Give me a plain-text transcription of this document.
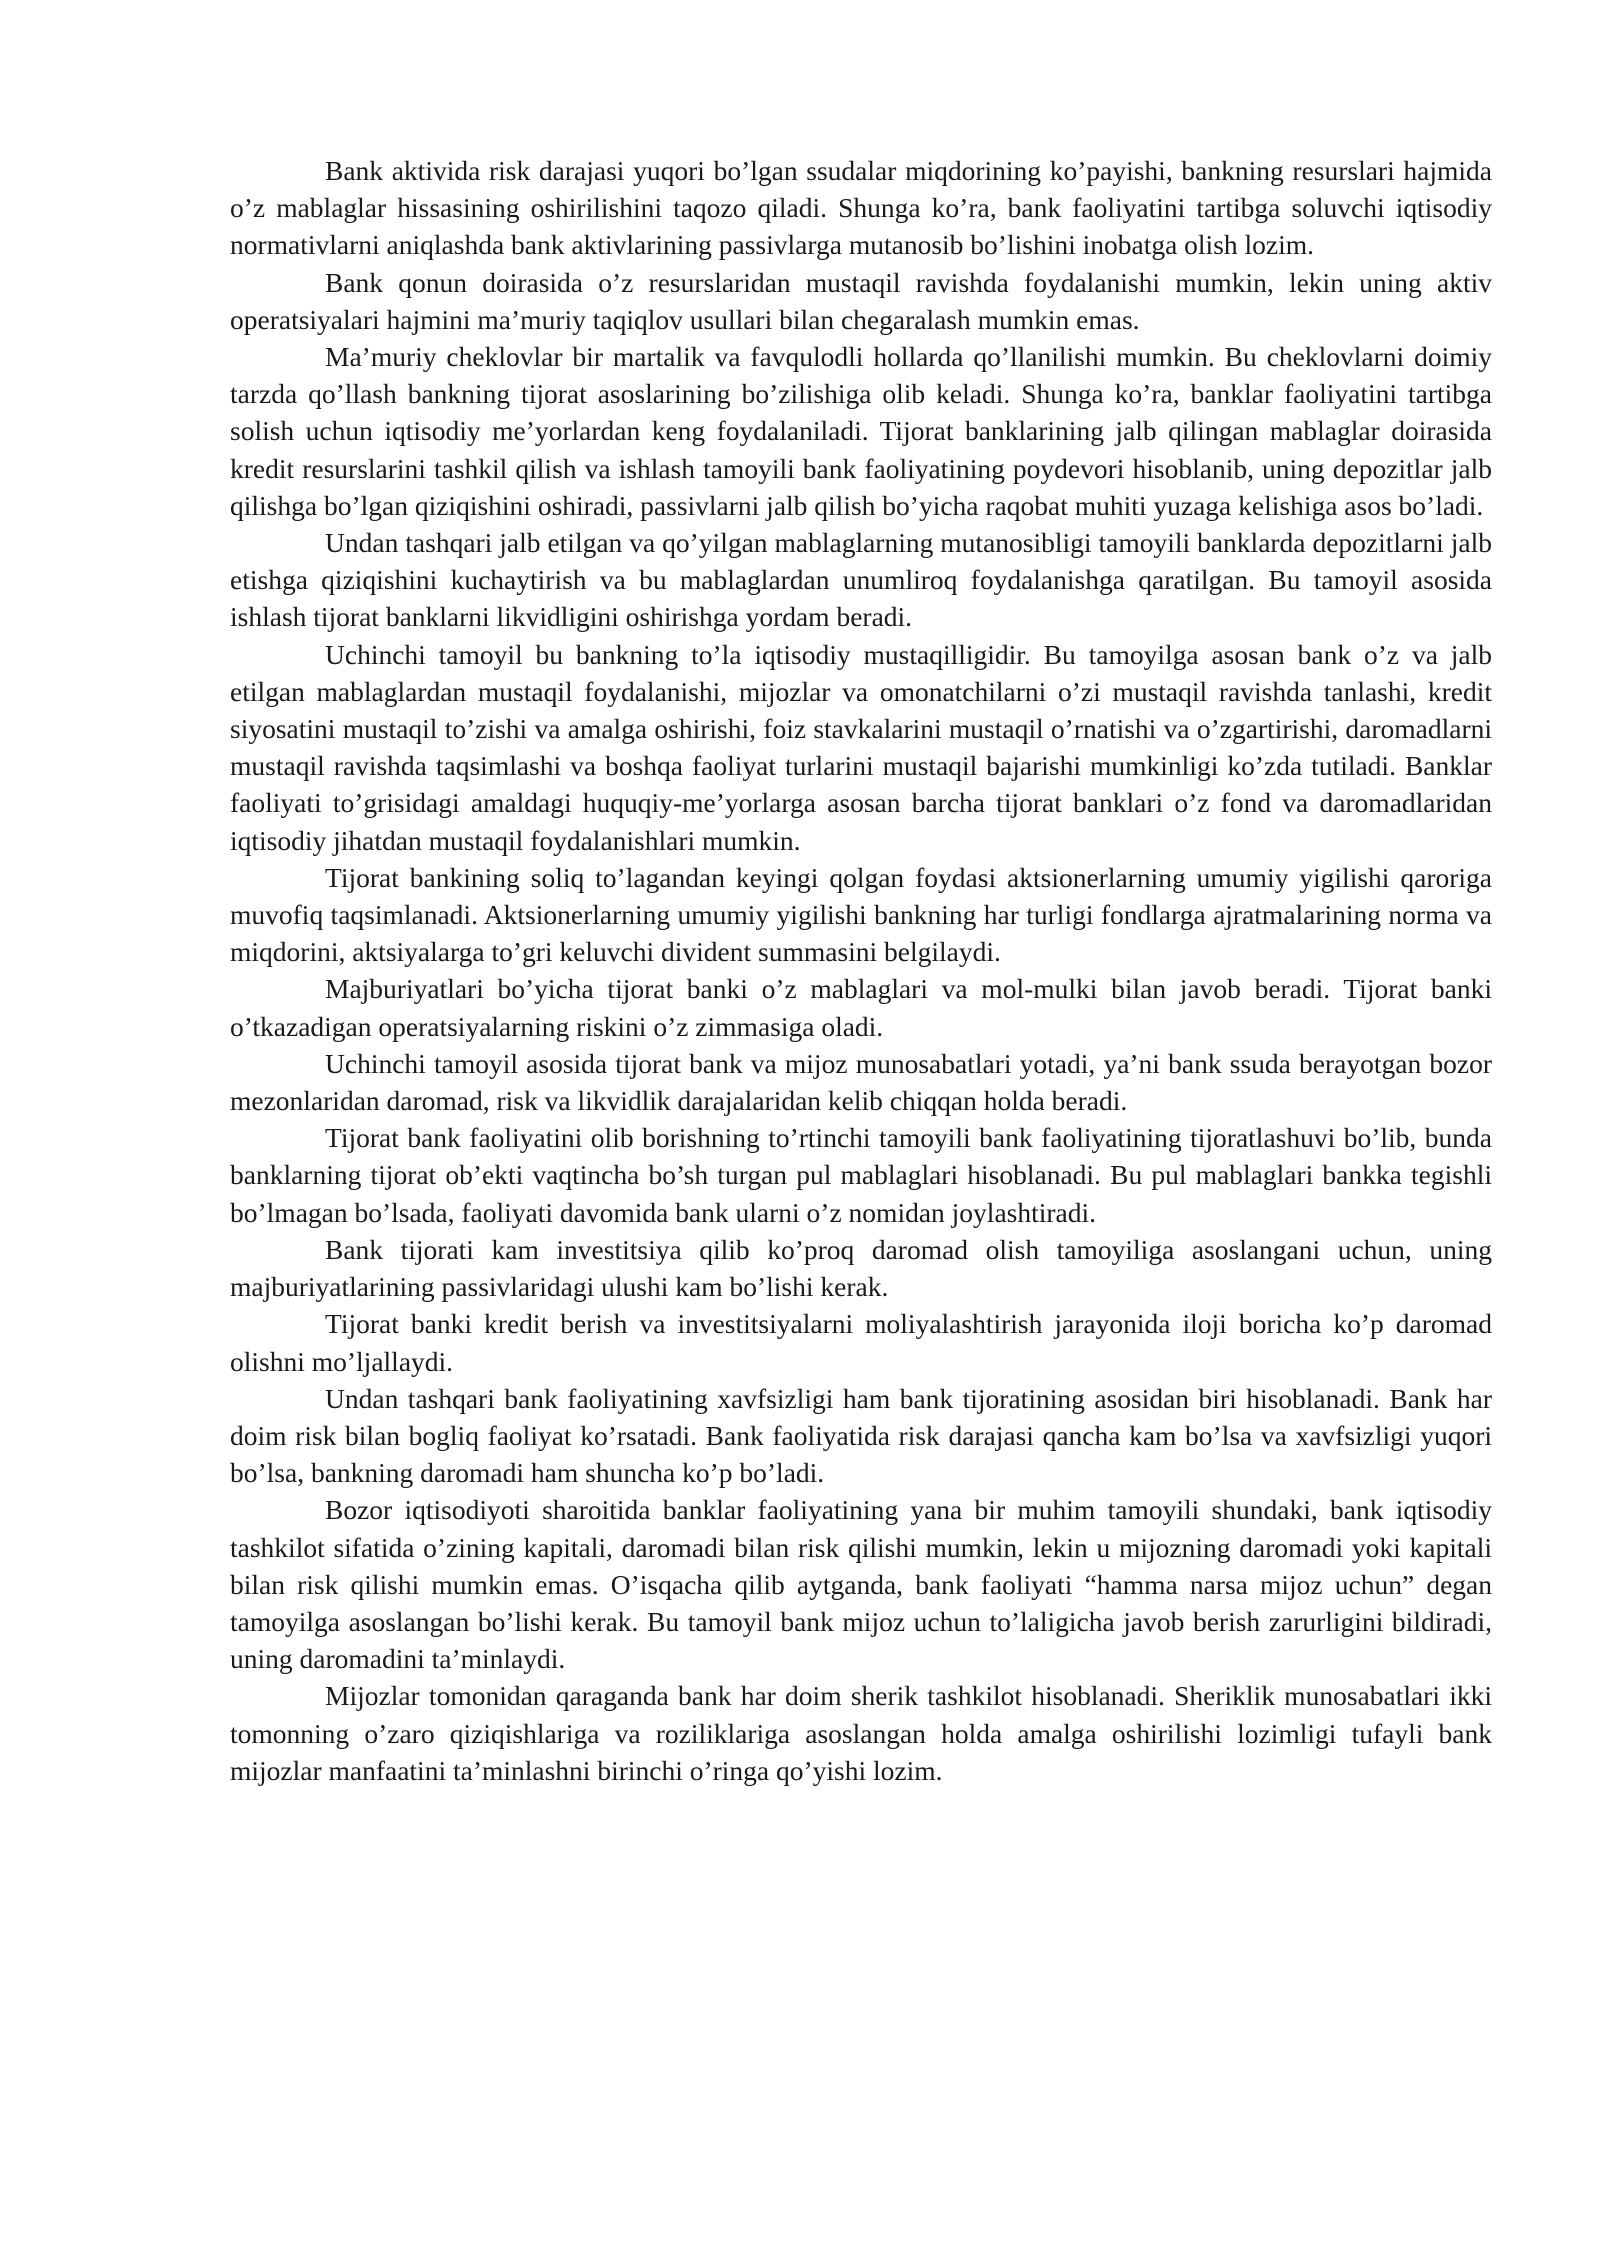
Bank aktivida risk darajasi yuqori bo’lgan ssudalar miqdorining ko’payishi, bankning resurslari hajmida o’z mablaglar hissasining oshirilishini taqozo qiladi. Shunga ko’ra, bank faoliyatini tartibga soluvchi iqtisodiy normativlarni aniqlashda bank aktivlarining passivlarga mutanosib bo’lishini inobatga olish lozim.

Bank qonun doirasida o’z resurslaridan mustaqil ravishda foydalanishi mumkin, lekin uning aktiv operatsiyalari hajmini ma’muriy taqiqlov usullari bilan chegaralash mumkin emas.

Ma’muriy cheklovlar bir martalik va favqulodli hollarda qo’llanilishi mumkin. Bu cheklovlarni doimiy tarzda qo’llash bankning tijorat asoslarining bo’zilishiga olib keladi. Shunga ko’ra, banklar faoliyatini tartibga solish uchun iqtisodiy me’yorlardan keng foydalaniladi. Tijorat banklarining jalb qilingan mablaglar doirasida kredit resurslarini tashkil qilish va ishlash tamoyili bank faoliyatining poydevori hisoblanib, uning depozitlar jalb qilishga bo’lgan qiziqishini oshiradi, passivlarni jalb qilish bo’yicha raqobat muhiti yuzaga kelishiga asos bo’ladi.

Undan tashqari jalb etilgan va qo’yilgan mablaglarning mutanosibligi tamoyili banklarda depozitlarni jalb etishga qiziqishini kuchaytirish va bu mablaglardan unumliroq foydalanishga qaratilgan. Bu tamoyil asosida ishlash tijorat banklarni likvidligini oshirishga yordam beradi.

Uchinchi tamoyil bu bankning to’la iqtisodiy mustaqilligidir. Bu tamoyilga asosan bank o’z va jalb etilgan mablaglardan mustaqil foydalanishi, mijozlar va omonatchilarni o’zi mustaqil ravishda tanlashi, kredit siyosatini mustaqil to’zishi va amalga oshirishi, foiz stavkalarini mustaqil o’rnatishi va o’zgartirishi, daromadlarni mustaqil ravishda taqsimlashi va boshqa faoliyat turlarini mustaqil bajarishi mumkinligi ko’zda tutiladi. Banklar faoliyati to’grisidagi amaldagi huquqiy-me’yorlarga asosan barcha tijorat banklari o’z fond va daromadlaridan iqtisodiy jihatdan mustaqil foydalanishlari mumkin.

Tijorat bankining soliq to’lagandan keyingi qolgan foydasi aktsionerlarning umumiy yigilishi qaroriga muvofiq taqsimlanadi. Aktsionerlarning umumiy yigilishi bankning har turligi fondlarga ajratmalarining norma va miqdorini, aktsiyalarga to’gri keluvchi divident summasini belgilaydi.

Majburiyatlari bo’yicha tijorat banki o’z mablaglari va mol-mulki bilan javob beradi. Tijorat banki o’tkazadigan operatsiyalarning riskini o’z zimmasiga oladi.

Uchinchi tamoyil asosida tijorat bank va mijoz munosabatlari yotadi, ya’ni bank ssuda berayotgan bozor mezonlaridan daromad, risk va likvidlik darajalaridan kelib chiqqan holda beradi.

Tijorat bank faoliyatini olib borishning to’rtinchi tamoyili bank faoliyatining tijoratlashuvi bo’lib, bunda banklarning tijorat ob’ekti vaqtincha bo’sh turgan pul mablaglari hisoblanadi. Bu pul mablaglari bankka tegishli bo’lmagan bo’lsada, faoliyati davomida bank ularni o’z nomidan joylashtiradi.

Bank tijorati kam investitsiya qilib ko’proq daromad olish tamoyiliga asoslangani uchun, uning majburiyatlarining passivlaridagi ulushi kam bo’lishi kerak.

Tijorat banki kredit berish va investitsiyalarni moliyalashtirish jarayonida iloji boricha ko’p daromad olishni mo’ljallaydi.

Undan tashqari bank faoliyatining xavfsizligi ham bank tijoratining asosidan biri hisoblanadi. Bank har doim risk bilan bogliq faoliyat ko’rsatadi. Bank faoliyatida risk darajasi qancha kam bo’lsa va xavfsizligi yuqori bo’lsa, bankning daromadi ham shuncha ko’p bo’ladi.

Bozor iqtisodiyoti sharoitida banklar faoliyatining yana bir muhim tamoyili shundaki, bank iqtisodiy tashkilot sifatida o’zining kapitali, daromadi bilan risk qilishi mumkin, lekin u mijozning daromadi yoki kapitali bilan risk qilishi mumkin emas. O’isqacha qilib aytganda, bank faoliyati “hamma narsa mijoz uchun” degan tamoyilga asoslangan bo’lishi kerak. Bu tamoyil bank mijoz uchun to’laligicha javob berish zarurligini bildiradi, uning daromadini ta’minlaydi.

Mijozlar tomonidan qaraganda bank har doim sherik tashkilot hisoblanadi. Sheriklik munosabatlari ikki tomonning o’zaro qiziqishlariga va roziliklariga asoslangan holda amalga oshirilishi lozimligi tufayli bank mijozlar manfaatini ta’minlashni birinchi o’ringa qo’yishi lozim.
